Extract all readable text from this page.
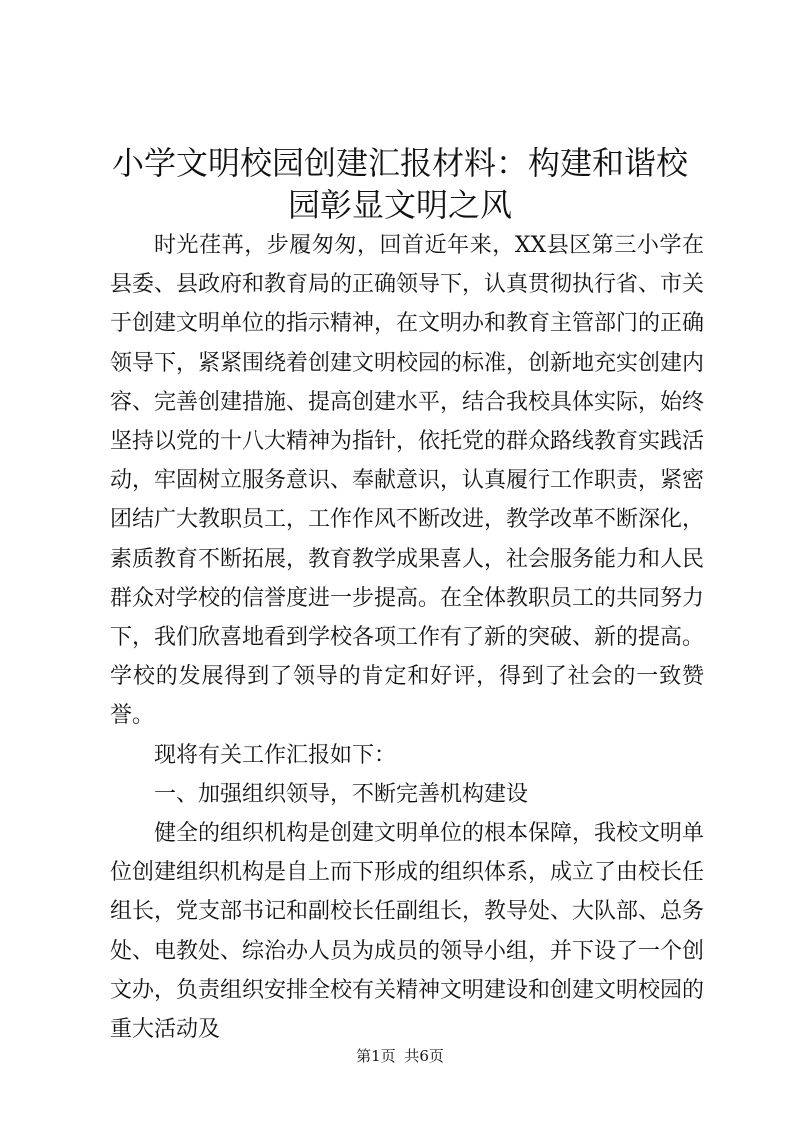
小学文明校园创建汇报材料：构建和谐校园彰显文明之风

时光荏苒，步履匆匆，回首近年来，XX县区第三小学在县委、县政府和教育局的正确领导下，认真贯彻执行省、市关于创建文明单位的指示精神，在文明办和教育主管部门的正确领导下，紧紧围绕着创建文明校园的标准，创新地充实创建内容、完善创建措施、提高创建水平，结合我校具体实际，始终坚持以党的十八大精神为指针，依托党的群众路线教育实践活动，牢固树立服务意识、奉献意识，认真履行工作职责，紧密团结广大教职员工，工作作风不断改进，教学改革不断深化，素质教育不断拓展，教育教学成果喜人，社会服务能力和人民群众对学校的信誉度进一步提高。在全体教职员工的共同努力下，我们欣喜地看到学校各项工作有了新的突破、新的提高。学校的发展得到了领导的肯定和好评，得到了社会的一致赞誉。

现将有关工作汇报如下：

一、加强组织领导，不断完善机构建设

健全的组织机构是创建文明单位的根本保障，我校文明单位创建组织机构是自上而下形成的组织体系，成立了由校长任组长，党支部书记和副校长任副组长，教导处、大队部、总务处、电教处、综治办人员为成员的领导小组，并下设了一个创文办，负责组织安排全校有关精神文明建设和创建文明校园的重大活动及

第1页 共6页
